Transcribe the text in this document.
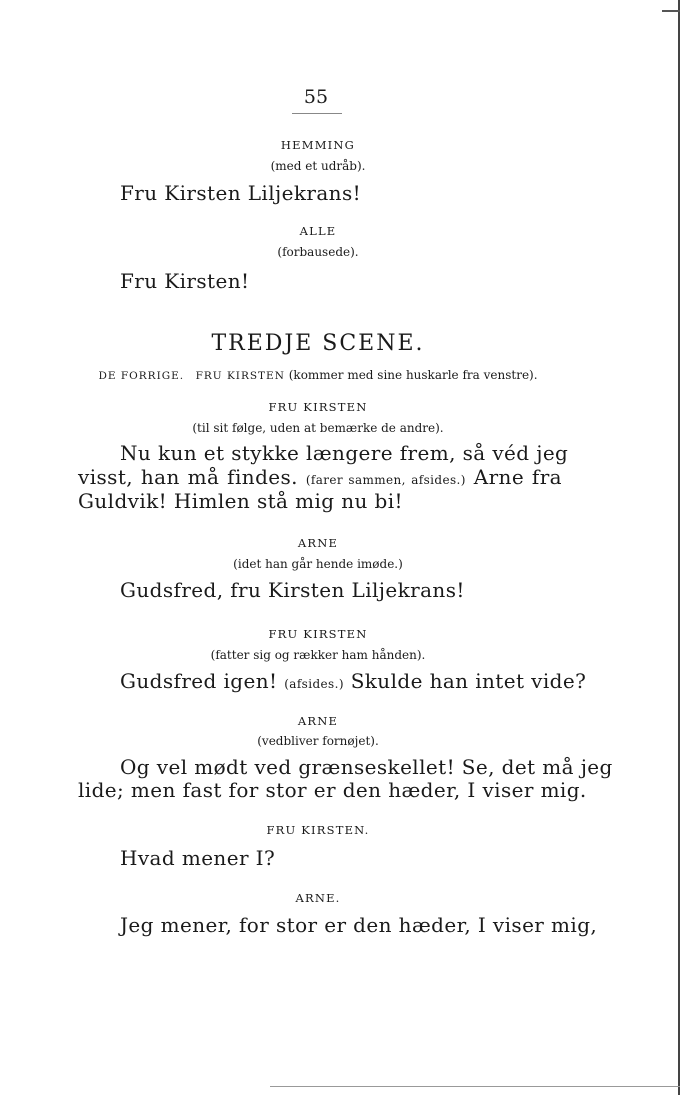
55
HEMMING
(med et udråb).
Fru Kirsten Liljekrans!
ALLE
(forbausede).
Fru Kirsten!
TREDJE SCENE.
DE FORRIGE. FRU KIRSTEN (kommer med sine huskarle fra venstre).
FRU KIRSTEN
(til sit følge, uden at bemærke de andre).
Nu kun et stykke længere frem, så véd jeg
visst, han må findes. (farer sammen, afsides.) Arne fra
Guldvik! Himlen stå mig nu bi!
ARNE
(idet han går hende imøde.)
Gudsfred, fru Kirsten Liljekrans!
FRU KIRSTEN
(fatter sig og rækker ham hånden).
Gudsfred igen! (afsides.) Skulde han intet vide?
ARNE
(vedbliver fornøjet).
Og vel mødt ved grænseskellet! Se, det må jeg
lide; men fast for stor er den hæder, I viser mig.
FRU KIRSTEN.
Hvad mener I?
ARNE.
Jeg mener, for stor er den hæder, I viser mig,
